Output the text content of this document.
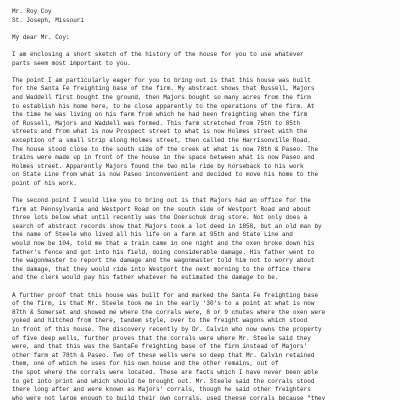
Mr. Roy Coy

St. Joseph, Missouri

My dear Mr. Coy:

I am enclosing a short sketch of the history of the house for you to use whatever
parts seem most important to you.
The point I am particularly eager for you to bring out is that this house was built
for the Santa Fe freighting base of the firm. My abstract shows that Russell, Majors
and Waddell first bought the ground, then Majors bought so many acres from the firm
to establish his home here, to be close apparently to the operations of the firm. At
the time he was living on his farm from which he had been freighting when the firm
of Russell, Majors and Waddell was formed. This farm stretched from 75th to 85th
streets and from what is now Prospect street to what is now Holmes street with the
exception of a small strip along Holmes street, then called the Harrisonville Road.
The house stood close to the south side of the creek at what is now 78th & Paseo. The
trains were made up in front of the house in the space between what is now Paseo and
Holmes street. Apparently Majors found the two mile ride by horseback to his work
on State Line from what is now Paseo inconvenient and decided to move his home to the
point of his work.
The second point I would like you to bring out is that Majors had an office for the
firm at Pennsylvania and Westport Road on the south side of Westport Road and about
three lots below what until recently was the Doerschuk drug store. Not only does a
search of abstract records show that Majors took a lot deed in 1858, but an old man by
the name of Steele who lived all his life on a farm at 95th and State Line and
would now be 104, told me that a train came in one night and the oxen broke down his
father's fence and got into his field, doing considerable damage. His father went to
the wagonmaster to report the damage and the wagonmaster told him not to worry about
the damage, that they would ride into Westport the next morning to the office there
and the clerk would pay his father whatever he estimated the damage to be.
A further proof that this house was built for and marked the Santa Fe freighting base
of the firm, is that Mr. Steele took me in the early '30's to a point at what is now
87th & Somerset and showed me where the corrals were, 8 or 9 chutes where the oxen were
yoked and hitched from there, tandem style, over to the freight wagons which stood
in front of this house. The discovery recently by Dr. Calvin who now owns the property
of five deep wells, further proves that the corrals were where Mr. Steele said they
were, and that this was the SantaFe freighting base of the firm instead of Majors'
other farm at 78th & Paseo. Two of these wells were so deep that Mr. Calvin retained
them, one of which he uses for his own house and the other remains, out of
the spot where the corrals were located. These are facts which I have never been able
to get into print and which should be brought out. Mr. Steele said the corrals stood
there long after and were known as Majors' corrals, though he said other freighters
who were not large enough to build their own corrals, used theese corrals because "they
